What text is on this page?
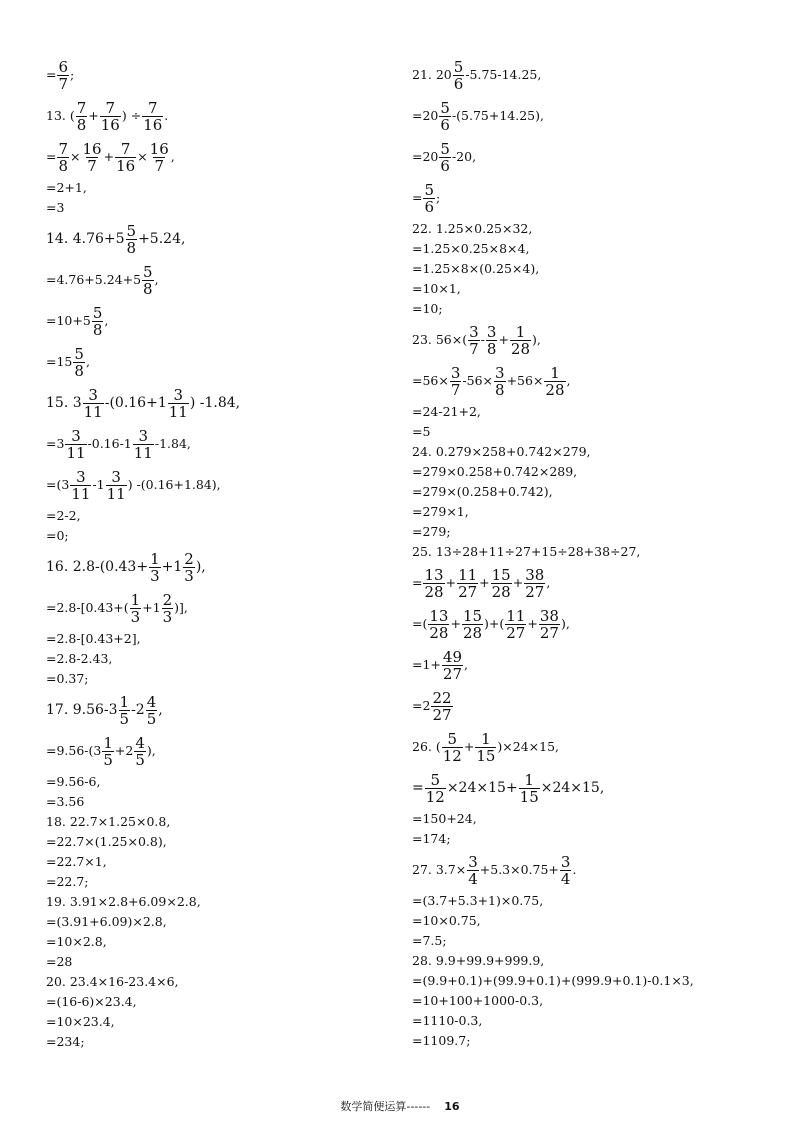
= $\frac{6}{7}$ ;
13. ( $\frac{7}{8} + \frac{7}{16}$ ) ÷ $\frac{7}{16}$ .
= $\frac{7}{8} \times \frac{16}{7} + \frac{7}{16} \times \frac{16}{7}$ ,
=2+1,
=3
14. $4.76+5 \frac{5}{8} +5.24$,
$=4.76+5.24+5 \frac{5}{8}$ ,
$=10+5 \frac{5}{8}$ ,
$=15 \frac{5}{8}$ ,
15. $3 \frac{3}{11} -(0.16+1 \frac{3}{11}$ ) -1.84,
$=3 \frac{3}{11} -0.16-1 \frac{3}{11} -1.84$,
$=(3 \frac{3}{11} -1 \frac{3}{11}$ ) -(0.16+1.84),
=2-2,
=0;
16. $2.8-(0.43+ \frac{1}{3} +1 \frac{2}{3}$ ),
$=2.8-[0.43+( \frac{1}{3} +1 \frac{2}{3}$ )],
=2.8-[0.43+2],
=2.8-2.43,
=0.37;
17. $9.56-3 \frac{1}{5} -2 \frac{4}{5}$ ,
$=9.56-(3 \frac{1}{5} +2 \frac{4}{5}$ ),
=9.56-6,
=3.56
18. 22.7×1.25×0.8,
=22.7×(1.25×0.8),
=22.7×1,
=22.7;
19. 3.91×2.8+6.09×2.8,
=(3.91+6.09)×2.8,
=10×2.8,
=28
20. 23.4×16-23.4×6,
=(16-6)×23.4,
=10×23.4,
=234;
21. $20 \frac{5}{6} -5.75-14.25$,
$=20 \frac{5}{6} -(5.75+14.25)$,
$=20 \frac{5}{6} -20$,
= $\frac{5}{6}$ ;
22. 1.25×0.25×32,
=1.25×0.25×8×4,
=1.25×8×(0.25×4),
=10×1,
=10;
23. $56\times( \frac{3}{7} - \frac{3}{8} + \frac{1}{28}$ ),
$=56\times \frac{3}{7} -56\times \frac{3}{8} +56\times \frac{1}{28}$ ,
=24-21+2,
=5
24. 0.279×258+0.742×279,
=279×0.258+0.742×289,
=279×(0.258+0.742),
=279×1,
=279;
25. 13÷28+11÷27+15÷28+38÷27,
= $\frac{13}{28} + \frac{11}{27} + \frac{15}{28} + \frac{38}{27}$ ,
=( $\frac{13}{28} + \frac{15}{28}$ )+( $\frac{11}{27} + \frac{38}{27}$ ),
$=1+ \frac{49}{27}$ ,
$=2 \frac{22}{27}$
26. ( $\frac{5}{12} + \frac{1}{15} )\times 24\times 15$,
= $\frac{5}{12} \times 24\times 15+ \frac{1}{15} \times 24\times 15$,
=150+24,
=174;
27. $3.7\times \frac{3}{4} +5.3\times 0.75+ \frac{3}{4}$ .
=(3.7+5.3+1)×0.75,
=10×0.75,
=7.5;
28. 9.9+99.9+999.9,
=(9.9+0.1)+(99.9+0.1)+(999.9+0.1)-0.1×3,
=10+100+1000-0.3,
=1110-0.3,
=1109.7;
数学简便运算------ 16
